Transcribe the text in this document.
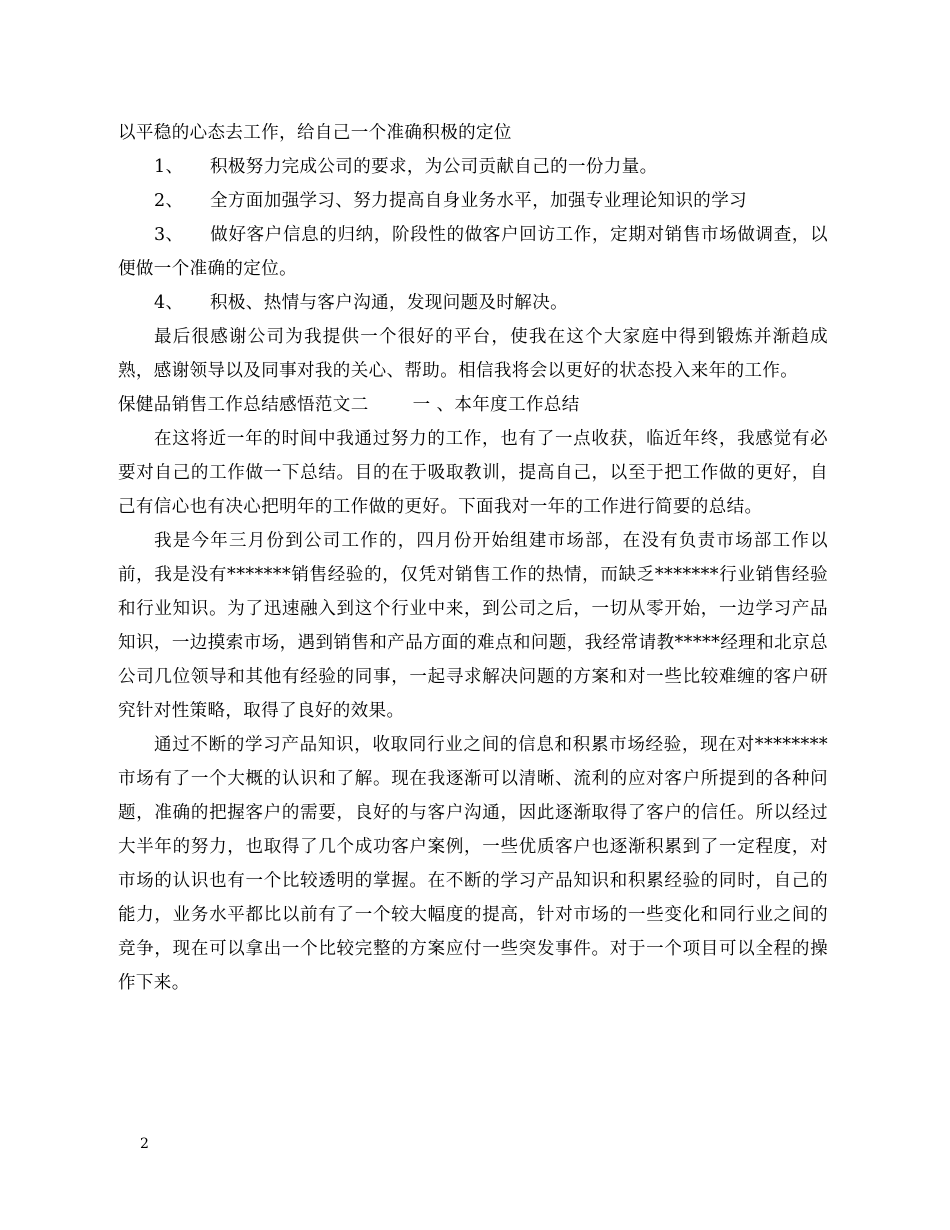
以平稳的心态去工作，给自己一个准确积极的定位

1、 积极努力完成公司的要求，为公司贡献自己的一份力量。

2、 全方面加强学习、努力提高自身业务水平，加强专业理论知识的学习

3、 做好客户信息的归纳，阶段性的做客户回访工作，定期对销售市场做调查，以便做一个准确的定位。

4、 积极、热情与客户沟通，发现问题及时解决。

最后很感谢公司为我提供一个很好的平台，使我在这个大家庭中得到锻炼并渐趋成熟，感谢领导以及同事对我的关心、帮助。相信我将会以更好的状态投入来年的工作。

保健品销售工作总结感悟范文二	一 、本年度工作总结

在这将近一年的时间中我通过努力的工作，也有了一点收获，临近年终，我感觉有必要对自己的工作做一下总结。目的在于吸取教训，提高自己，以至于把工作做的更好，自己有信心也有决心把明年的工作做的更好。下面我对一年的工作进行简要的总结。

我是今年三月份到公司工作的，四月份开始组建市场部，在没有负责市场部工作以前，我是没有*******销售经验的，仅凭对销售工作的热情，而缺乏*******行业销售经验和行业知识。为了迅速融入到这个行业中来，到公司之后，一切从零开始，一边学习产品知识，一边摸索市场，遇到销售和产品方面的难点和问题，我经常请教*****经理和北京总公司几位领导和其他有经验的同事，一起寻求解决问题的方案和对一些比较难缠的客户研究针对性策略，取得了良好的效果。

通过不断的学习产品知识，收取同行业之间的信息和积累市场经验，现在对********市场有了一个大概的认识和了解。现在我逐渐可以清晰、流利的应对客户所提到的各种问题，准确的把握客户的需要，良好的与客户沟通，因此逐渐取得了客户的信任。所以经过大半年的努力，也取得了几个成功客户案例，一些优质客户也逐渐积累到了一定程度，对市场的认识也有一个比较透明的掌握。在不断的学习产品知识和积累经验的同时，自己的能力，业务水平都比以前有了一个较大幅度的提高，针对市场的一些变化和同行业之间的竞争，现在可以拿出一个比较完整的方案应付一些突发事件。对于一个项目可以全程的操作下来。

2
